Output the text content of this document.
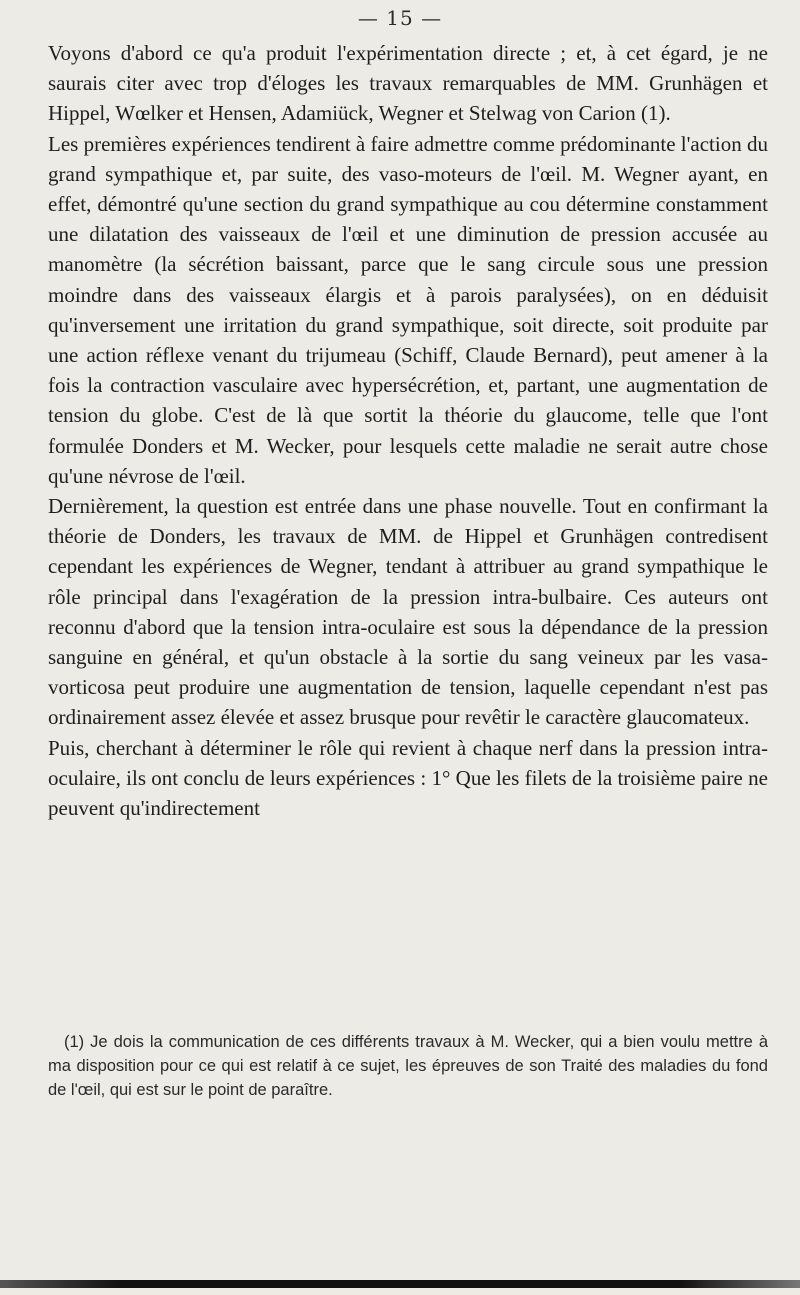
— 15 —

Voyons d'abord ce qu'a produit l'expérimentation directe ; et, à cet égard, je ne saurais citer avec trop d'éloges les travaux remarquables de MM. Grunhägen et Hippel, Wœlker et Hensen, Adamiück, Wegner et Stelwag von Carion (1).

Les premières expériences tendirent à faire admettre comme prédominante l'action du grand sympathique et, par suite, des vaso-moteurs de l'œil. M. Wegner ayant, en effet, démontré qu'une section du grand sympathique au cou détermine constamment une dilatation des vaisseaux de l'œil et une diminution de pression accusée au manomètre (la sécrétion baissant, parce que le sang circule sous une pression moindre dans des vaisseaux élargis et à parois paralysées), on en déduisit qu'inversement une irritation du grand sympathique, soit directe, soit produite par une action réflexe venant du trijumeau (Schiff, Claude Bernard), peut amener à la fois la contraction vasculaire avec hypersécrétion, et, partant, une augmentation de tension du globe. C'est de là que sortit la théorie du glaucome, telle que l'ont formulée Donders et M. Wecker, pour lesquels cette maladie ne serait autre chose qu'une névrose de l'œil.

Dernièrement, la question est entrée dans une phase nouvelle. Tout en confirmant la théorie de Donders, les travaux de MM. de Hippel et Grunhägen contredisent cependant les expériences de Wegner, tendant à attribuer au grand sympathique le rôle principal dans l'exagération de la pression intra-bulbaire. Ces auteurs ont reconnu d'abord que la tension intra-oculaire est sous la dépendance de la pression sanguine en général, et qu'un obstacle à la sortie du sang veineux par les vasa-vorticosa peut produire une augmentation de tension, laquelle cependant n'est pas ordinairement assez élevée et assez brusque pour revêtir le caractère glaucomateux.

Puis, cherchant à déterminer le rôle qui revient à chaque nerf dans la pression intra-oculaire, ils ont conclu de leurs expériences : 1° Que les filets de la troisième paire ne peuvent qu'indirectement

(1) Je dois la communication de ces différents travaux à M. Wecker, qui a bien voulu mettre à ma disposition pour ce qui est relatif à ce sujet, les épreuves de son Traité des maladies du fond de l'œil, qui est sur le point de paraître.
